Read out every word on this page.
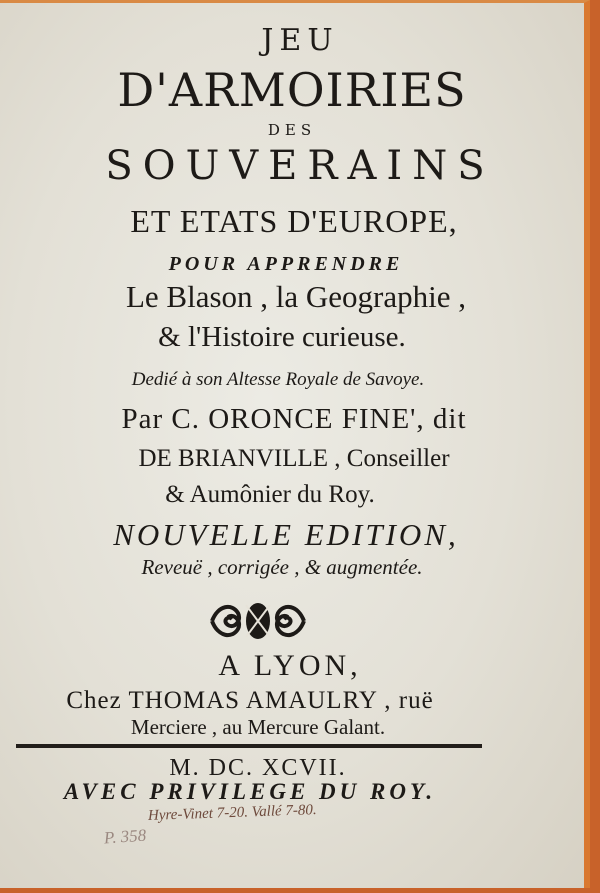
JEU
D'ARMOIRIES
DES
SOUVERAINS
ET ETATS D'EUROPE,
POUR APPRENDRE
Le Blason , la Geographie ,
& l'Histoire curieuse.
Dedié à son Altesse Royale de Savoye.
Par C. ORONCE FINE', dit
DE BRIANVILLE , Conseiller
& Aumônier du Roy.
NOUVELLE EDITION,
Reveuë , corrigée , & augmentée.
A LYON,
Chez THOMAS AMAULRY , ruë
Merciere , au Mercure Galant.
M. DC. XCVII.
AVEC PRIVILEGE DU ROY.
Hyre-Vinet 7-20. Vallé 7-80.
P. 358
